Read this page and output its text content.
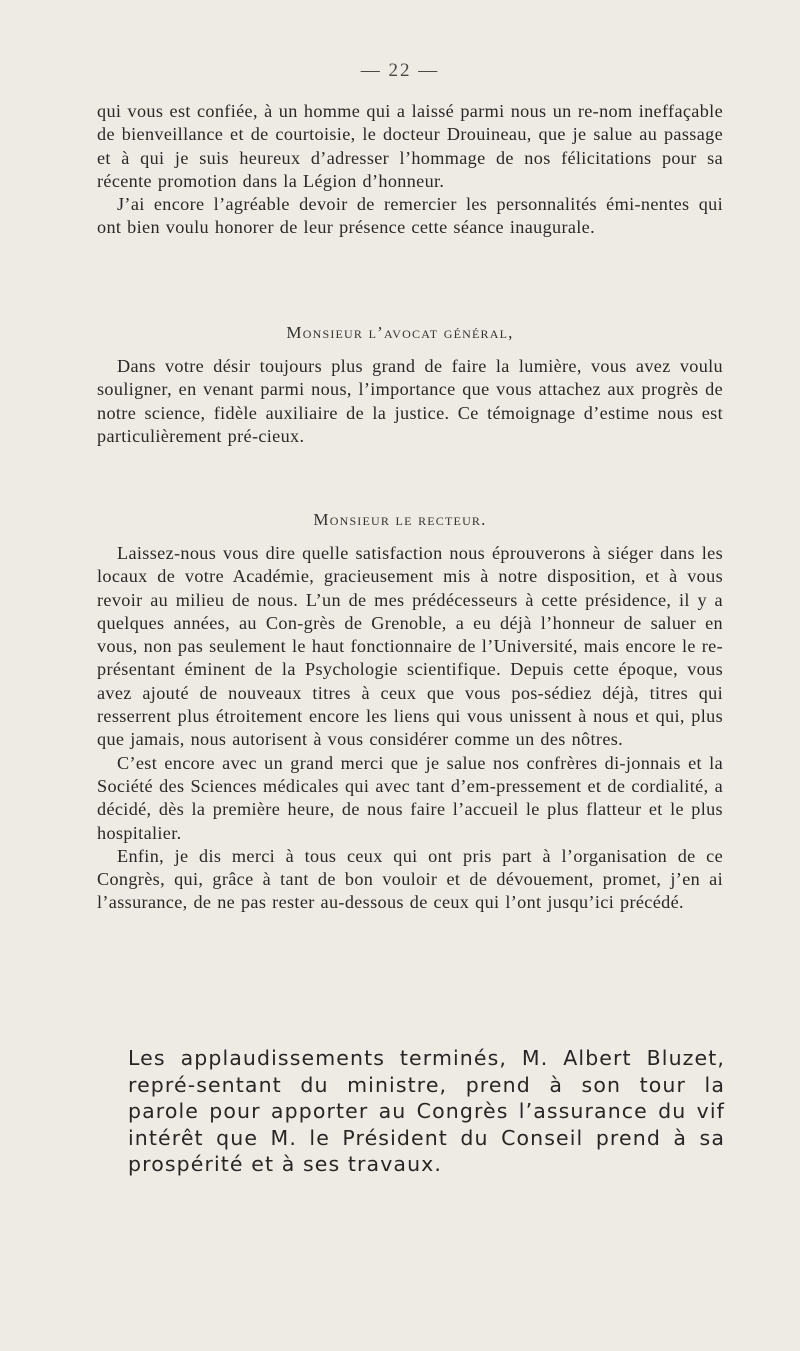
— 22 —

qui vous est confiée, à un homme qui a laissé parmi nous un re-nom ineffaçable de bienveillance et de courtoisie, le docteur Drouineau, que je salue au passage et à qui je suis heureux d’adresser l’hommage de nos félicitations pour sa récente promotion dans la Légion d’honneur.

J’ai encore l’agréable devoir de remercier les personnalités émi-nentes qui ont bien voulu honorer de leur présence cette séance inaugurale.

Monsieur l’avocat général,

Dans votre désir toujours plus grand de faire la lumière, vous avez voulu souligner, en venant parmi nous, l’importance que vous attachez aux progrès de notre science, fidèle auxiliaire de la justice. Ce témoignage d’estime nous est particulièrement pré-cieux.

Monsieur le recteur.

Laissez-nous vous dire quelle satisfaction nous éprouverons à siéger dans les locaux de votre Académie, gracieusement mis à notre disposition, et à vous revoir au milieu de nous. L’un de mes prédécesseurs à cette présidence, il y a quelques années, au Con-grès de Grenoble, a eu déjà l’honneur de saluer en vous, non pas seulement le haut fonctionnaire de l’Université, mais encore le re-présentant éminent de la Psychologie scientifique. Depuis cette époque, vous avez ajouté de nouveaux titres à ceux que vous pos-sédiez déjà, titres qui resserrent plus étroitement encore les liens qui vous unissent à nous et qui, plus que jamais, nous autorisent à vous considérer comme un des nôtres.

C’est encore avec un grand merci que je salue nos confrères di-jonnais et la Société des Sciences médicales qui avec tant d’em-pressement et de cordialité, a décidé, dès la première heure, de nous faire l’accueil le plus flatteur et le plus hospitalier.

Enfin, je dis merci à tous ceux qui ont pris part à l’organisation de ce Congrès, qui, grâce à tant de bon vouloir et de dévouement, promet, j’en ai l’assurance, de ne pas rester au-dessous de ceux qui l’ont jusqu’ici précédé.

Les applaudissements terminés, M. Albert Bluzet, repré-sentant du ministre, prend à son tour la parole pour apporter au Congrès l’assurance du vif intérêt que M. le Président du Conseil prend à sa prospérité et à ses travaux.
